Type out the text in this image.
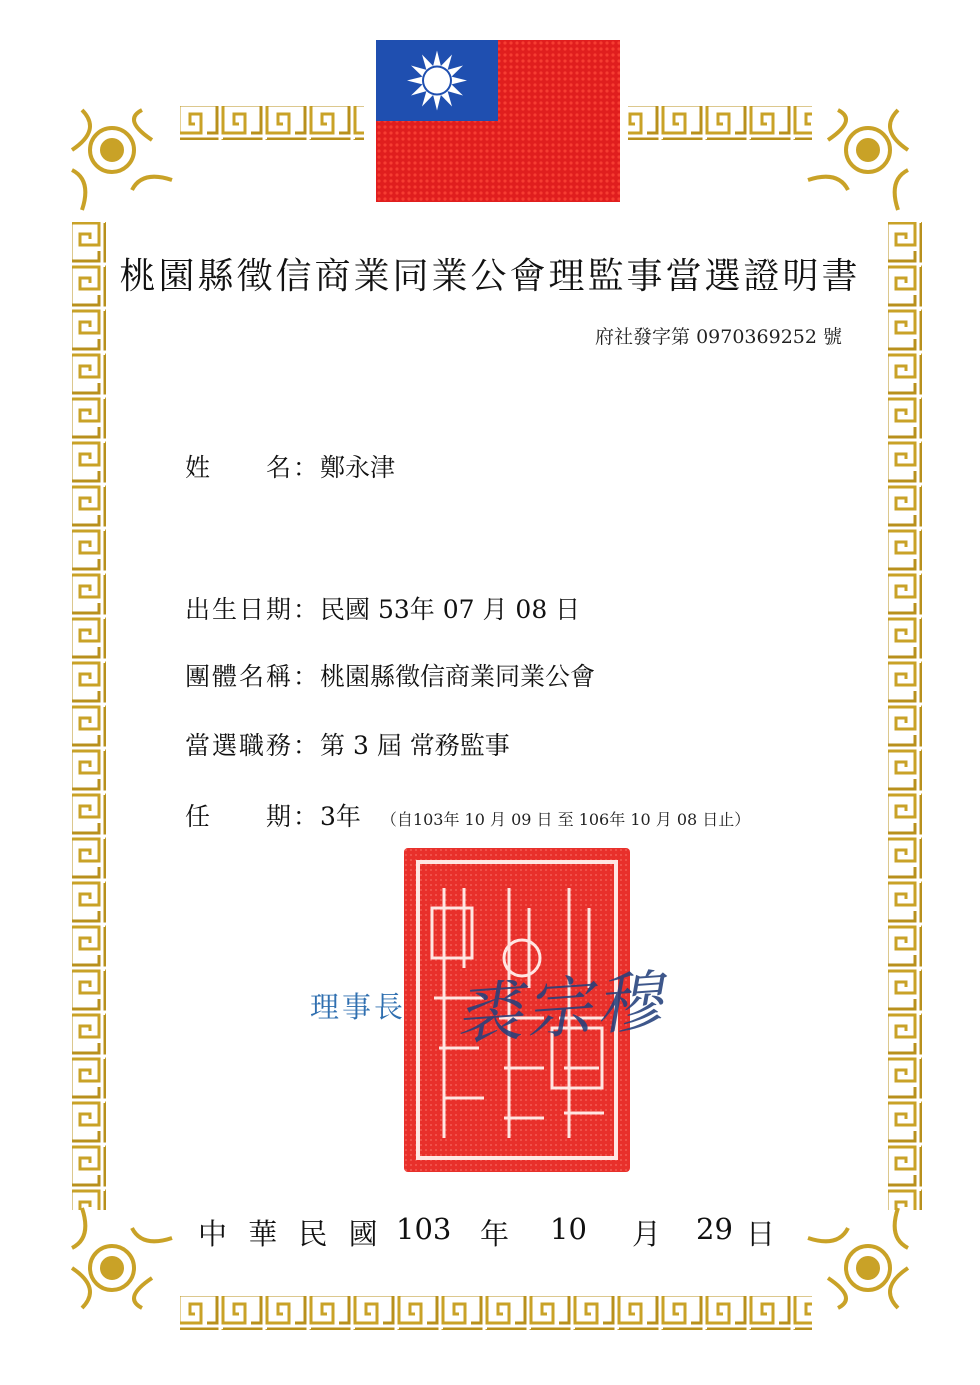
桃園縣徵信商業同業公會理監事當選證明書
府社發字第 0970369252 號
姓　　名：鄭永津
出生日期：民國 53年 07 月 08 日
團體名稱：桃園縣徵信商業同業公會
當選職務：第 3 屆 常務監事
任　　期：3年 （自103年 10 月 09 日 至 106年 10 月 08 日止）
理事長 裘宗穆
中 華 民 國 103 年 10 月 29 日
